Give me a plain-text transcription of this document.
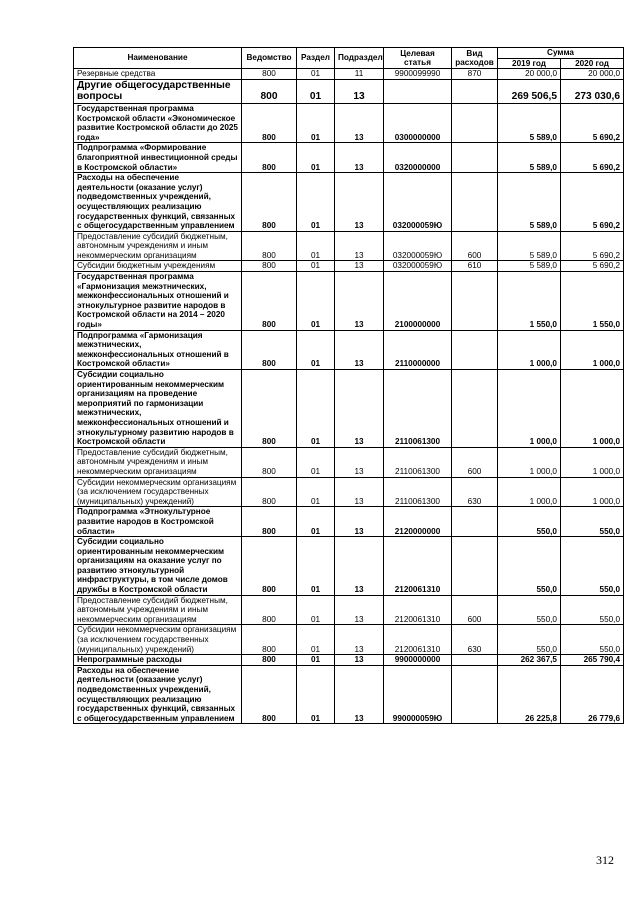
Наименование	Ведомство	Раздел	Подраздел	Целевая статья	Вид расходов	Сумма	
						2019 год	2020 год
Резервные средства	800	01	11	9900099990	870	20 000,0	20 000,0
Другие общегосударственные вопросы	800	01	13			269 506,5	273 030,6
Государственная программа Костромской области «Экономическое развитие Костромской области до 2025 года»	800	01	13	0300000000		5 589,0	5 690,2
Подпрограмма «Формирование благоприятной инвестиционной среды в Костромской области»	800	01	13	0320000000		5 589,0	5 690,2
Расходы на обеспечение деятельности (оказание услуг) подведомственных учреждений, осуществляющих реализацию государственных функций, связанных с общегосударственным управлением	800	01	13	032000059Ю		5 589,0	5 690,2
Предоставление субсидий бюджетным, автономным учреждениям и иным некоммерческим организациям	800	01	13	032000059Ю	600	5 589,0	5 690,2
Субсидии бюджетным учреждениям	800	01	13	032000059Ю	610	5 589,0	5 690,2
Государственная программа «Гармонизация межэтнических, межконфессиональных отношений и этнокультурное развитие народов в Костромской области на 2014 – 2020 годы»	800	01	13	2100000000		1 550,0	1 550,0
Подпрограмма «Гармонизация межэтнических, межконфессиональных отношений в Костромской области»	800	01	13	2110000000		1 000,0	1 000,0
Субсидии социально ориентированным некоммерческим организациям на проведение мероприятий по гармонизации межэтнических, межконфессиональных отношений и этнокультурному развитию народов в Костромской области	800	01	13	2110061300		1 000,0	1 000,0
Предоставление субсидий бюджетным, автономным учреждениям и иным некоммерческим организациям	800	01	13	2110061300	600	1 000,0	1 000,0
Субсидии некоммерческим организациям (за исключением государственных (муниципальных) учреждений)	800	01	13	2110061300	630	1 000,0	1 000,0
Подпрограмма «Этнокультурное развитие народов в Костромской области»	800	01	13	2120000000		550,0	550,0
Субсидии социально ориентированным некоммерческим организациям на оказание услуг по развитию этнокультурной инфраструктуры, в том числе домов дружбы в Костромской области	800	01	13	2120061310		550,0	550,0
Предоставление субсидий бюджетным, автономным учреждениям и иным некоммерческим организациям	800	01	13	2120061310	600	550,0	550,0
Субсидии некоммерческим организациям (за исключением государственных (муниципальных) учреждений)	800	01	13	2120061310	630	550,0	550,0
Непрограммные расходы	800	01	13	9900000000		262 367,5	265 790,4
Расходы на обеспечение деятельности (оказание услуг) подведомственных учреждений, осуществляющих реализацию государственных функций, связанных с общегосударственным управлением	800	01	13	990000059Ю		26 225,8	26 779,6
312
